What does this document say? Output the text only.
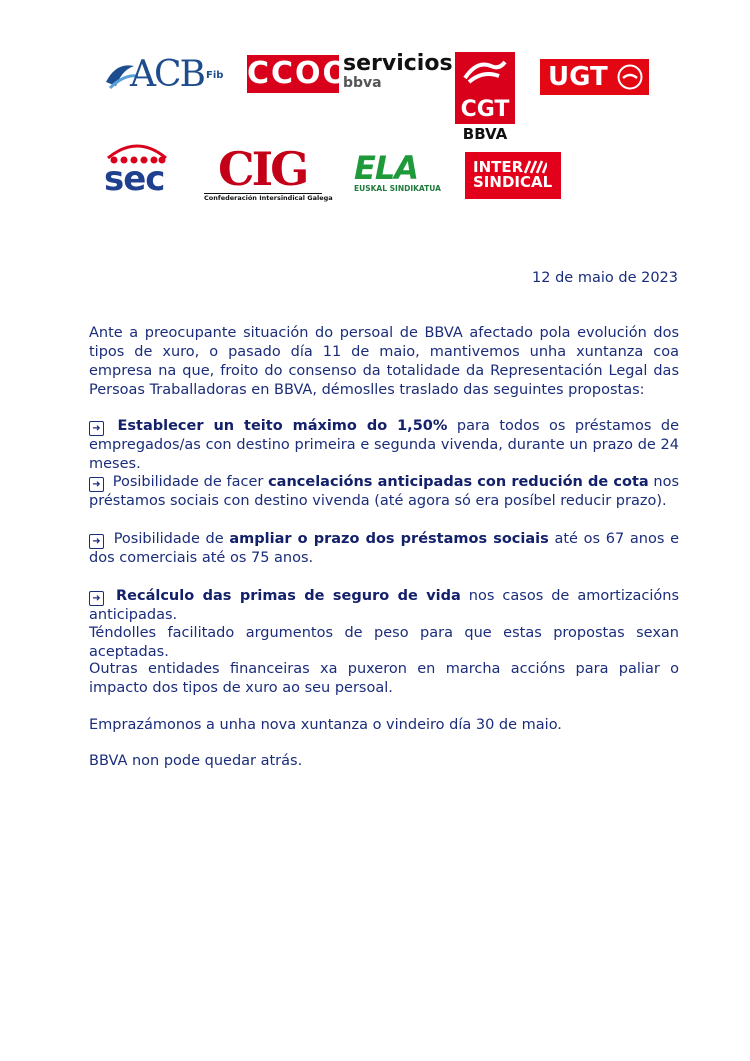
ACB Fib CCOO
servicios
bbva
CGT
BBVA
UGT
sec	CIG
Confederación Intersindical Galega
ELA
EUSKAL SINDIKATUA
INTER
SINDICAL
12 de maio de 2023
Ante a preocupante situación do persoal de BBVA afectado pola evolución dos tipos de xuro, o pasado día 11 de maio, mantivemos unha xuntanza coa empresa na que, froito do consenso da totalidade da Representación Legal das Persoas Traballadoras en BBVA, démoslles traslado das seguintes propostas:
➜ Establecer un teito máximo do 1,50% para todos os préstamos de empregados/as con destino primeira e segunda vivenda, durante un prazo de 24 meses.
➜ Posibilidade de facer cancelacións anticipadas con redución de cota nos préstamos sociais con destino vivenda (até agora só era posíbel reducir prazo).
➜ Posibilidade de ampliar o prazo dos préstamos sociais até os 67 anos e dos comerciais até os 75 anos.
➜ Recálculo das primas de seguro de vida nos casos de amortizacións anticipadas.
Téndolles facilitado argumentos de peso para que estas propostas sexan aceptadas.
Outras entidades financeiras xa puxeron en marcha accións para paliar o impacto dos tipos de xuro ao seu persoal.
Emprazámonos a unha nova xuntanza o vindeiro día 30 de maio.
BBVA non pode quedar atrás.
